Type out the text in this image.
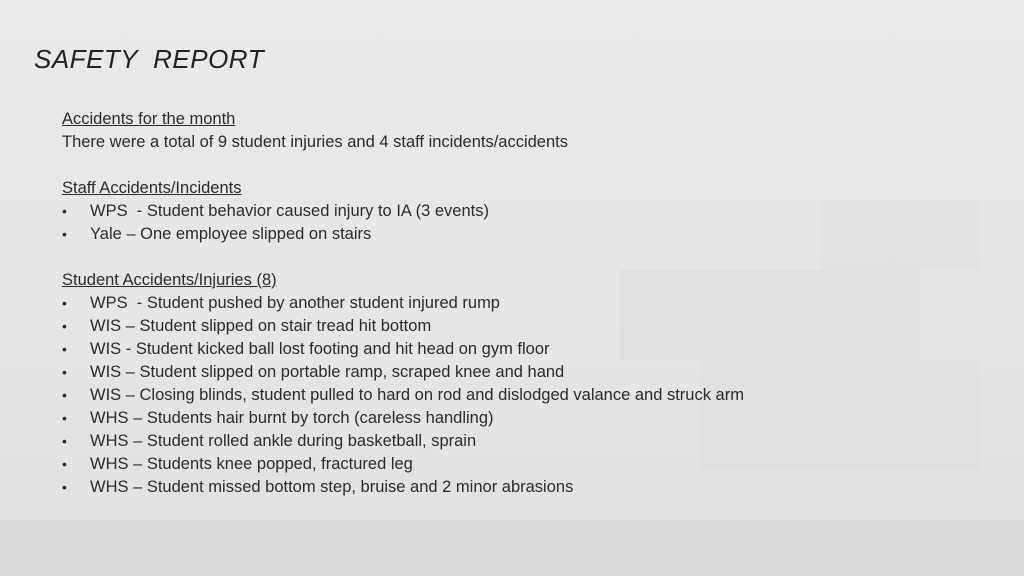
SAFETY  REPORT
Accidents for the month
There were a total of 9 student injuries and 4 staff incidents/accidents
Staff Accidents/Incidents
•	WPS  - Student behavior caused injury to IA (3 events)
•	Yale – One employee slipped on stairs
Student Accidents/Injuries (8)
•	WPS  - Student pushed by another student injured rump
•	WIS – Student slipped on stair tread hit bottom
•	WIS - Student kicked ball lost footing and hit head on gym floor
•	WIS – Student slipped on portable ramp, scraped knee and hand
•	WIS – Closing blinds, student pulled to hard on rod and dislodged valance and struck arm
•	WHS – Students hair burnt by torch (careless handling)
•	WHS – Student rolled ankle during basketball, sprain
•	WHS – Students knee popped, fractured leg
•	WHS – Student missed bottom step, bruise and 2 minor abrasions
